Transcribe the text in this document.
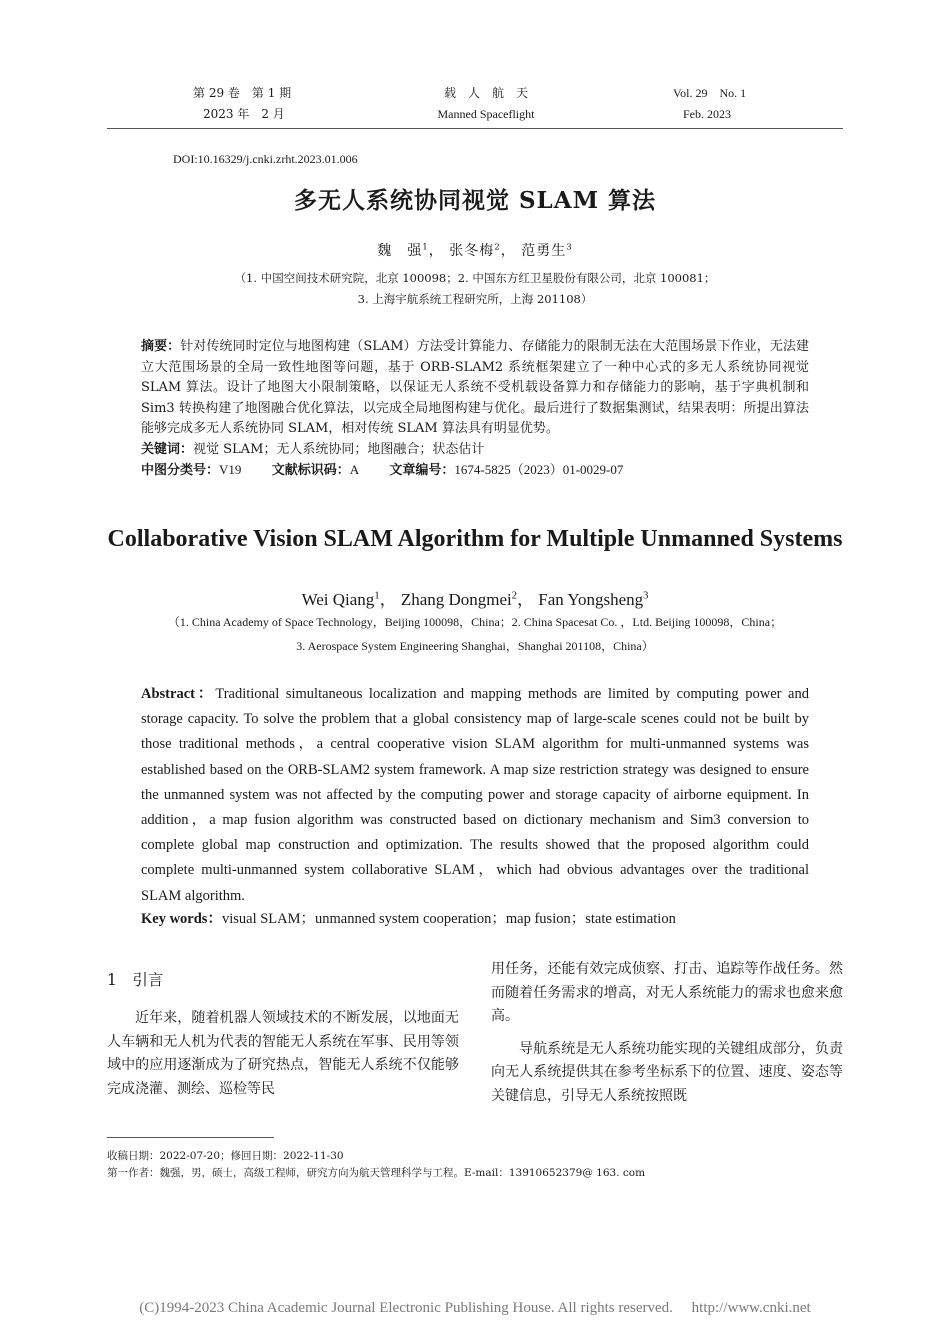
第 29 卷　第 1 期
2023 年　2 月
载　人　航　天
Manned Spaceflight
Vol. 29　No. 1
Feb. 2023
DOI:10.16329/j.cnki.zrht.2023.01.006
多无人系统协同视觉 SLAM 算法
魏　强$^1$， 张冬梅$^2$， 范勇生$^3$
（1. 中国空间技术研究院，北京 100098；2. 中国东方红卫星股份有限公司，北京 100081；
3. 上海宇航系统工程研究所，上海 201108）

摘要：针对传统同时定位与地图构建（SLAM）方法受计算能力、存储能力的限制无法在大范围场景下作业，无法建立大范围场景的全局一致性地图等问题，基于 ORB-SLAM2 系统框架建立了一种中心式的多无人系统协同视觉 SLAM 算法。设计了地图大小限制策略，以保证无人系统不受机载设备算力和存储能力的影响，基于字典机制和 Sim3 转换构建了地图融合优化算法，以完成全局地图构建与优化。最后进行了数据集测试，结果表明：所提出算法能够完成多无人系统协同 SLAM，相对传统 SLAM 算法具有明显优势。

关键词：视觉 SLAM；无人系统协同；地图融合；状态估计

中图分类号：V19 文献标识码：A 文章编号：1674-5825（2023）01-0029-07

Collaborative Vision SLAM Algorithm for Multiple Unmanned Systems
Wei Qiang$^1$， Zhang Dongmei$^2$， Fan Yongsheng$^3$
（1. China Academy of Space Technology，Beijing 100098，China；2. China Spacesat Co. ，Ltd. Beijing 100098，China；
3. Aerospace System Engineering Shanghai，Shanghai 201108，China）
Abstract：Traditional simultaneous localization and mapping methods are limited by computing power and storage capacity. To solve the problem that a global consistency map of large-scale scenes could not be built by those traditional methods，a central cooperative vision SLAM algorithm for multi-unmanned systems was established based on the ORB-SLAM2 system framework. A map size restriction strategy was designed to ensure the unmanned system was not affected by the computing power and storage capacity of airborne equipment. In addition，a map fusion algorithm was constructed based on dictionary mechanism and Sim3 conversion to complete global map construction and optimization. The results showed that the proposed algorithm could complete multi-unmanned system collaborative SLAM，which had obvious advantages over the traditional SLAM algorithm.
Key words：visual SLAM；unmanned system cooperation；map fusion；state estimation
1　引言

近年来，随着机器人领域技术的不断发展，以地面无人车辆和无人机为代表的智能无人系统在军事、民用等领域中的应用逐渐成为了研究热点，智能无人系统不仅能够完成浇灌、测绘、巡检等民

用任务，还能有效完成侦察、打击、追踪等作战任务。然而随着任务需求的增高，对无人系统能力的需求也愈来愈高。

导航系统是无人系统功能实现的关键组成部分，负责向无人系统提供其在参考坐标系下的位置、速度、姿态等关键信息，引导无人系统按照既

收稿日期：2022-07-20；修回日期：2022-11-30
第一作者：魏强，男，硕士，高级工程师，研究方向为航天管理科学与工程。E-mail：13910652379@ 163. com
(C)1994-2023 China Academic Journal Electronic Publishing House. All rights reserved.　 http://www.cnki.net
